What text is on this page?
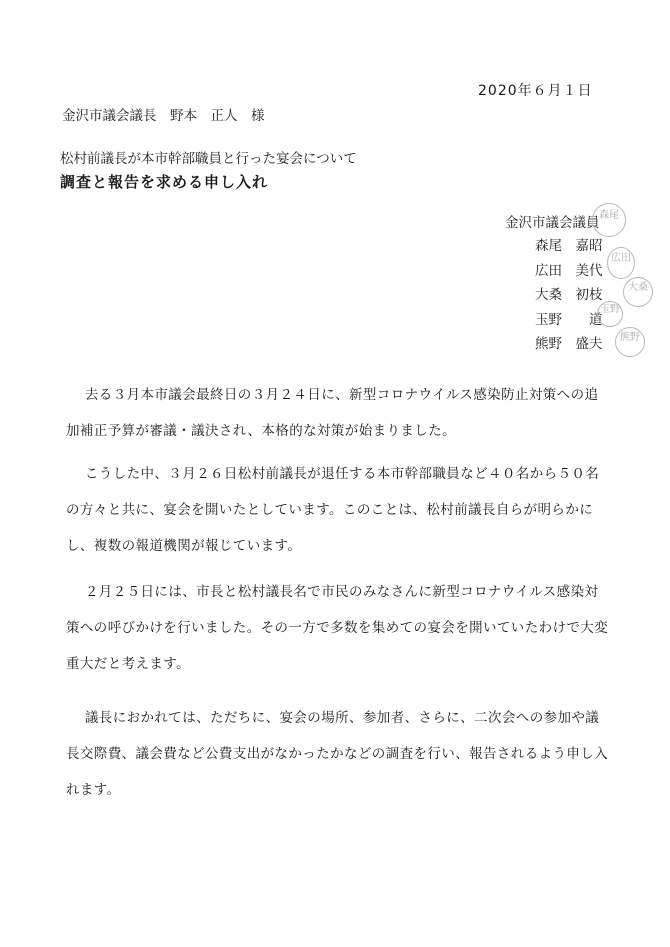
2020年６月１日
金沢市議会議長　野本　正人　様
松村前議長が本市幹部職員と行った宴会について
調査と報告を求める申し入れ
金沢市議会議員
森尾　嘉昭
広田　美代
大桑　初枝
玉野　　道
熊野　盛夫
森尾
広田
大桑
玉野
熊野
去る３月本市議会最終日の３月２４日に、新型コロナウイルス感染防止対策への追加補正予算が審議・議決され、本格的な対策が始まりました。
こうした中、３月２６日松村前議長が退任する本市幹部職員など４０名から５０名の方々と共に、宴会を開いたとしています。このことは、松村前議長自らが明らかにし、複数の報道機関が報じています。
２月２５日には、市長と松村議長名で市民のみなさんに新型コロナウイルス感染対策への呼びかけを行いました。その一方で多数を集めての宴会を開いていたわけで大変重大だと考えます。
議長におかれては、ただちに、宴会の場所、参加者、さらに、二次会への参加や議長交際費、議会費など公費支出がなかったかなどの調査を行い、報告されるよう申し入れます。
